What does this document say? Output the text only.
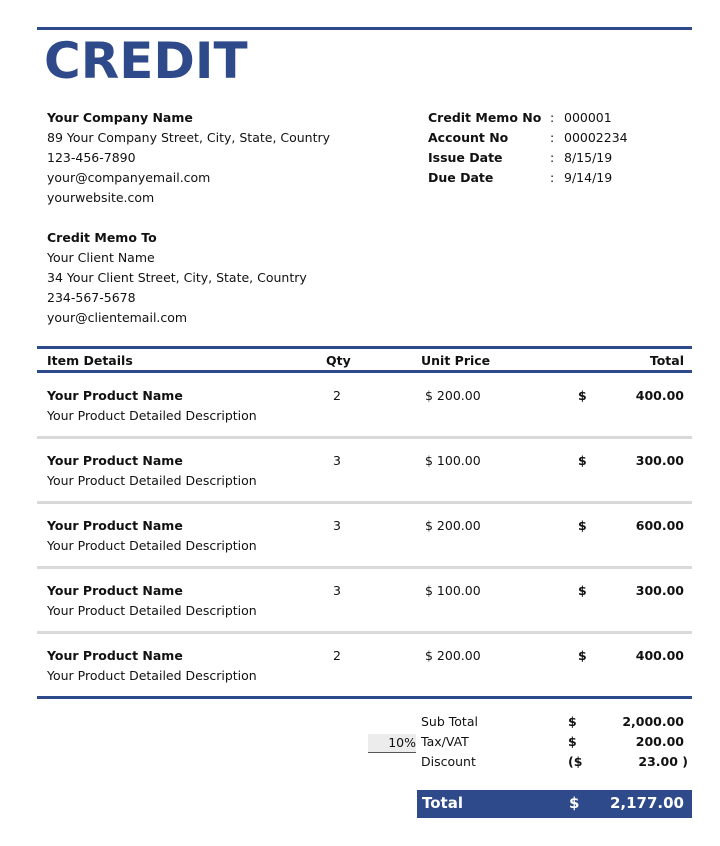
CREDIT
Your Company Name
89 Your Company Street, City, State, Country
123-456-7890
your@companyemail.com
yourwebsite.com
Credit Memo No : 000001
Account No	: 00002234
Issue Date	: 8/15/19
Due Date	: 9/14/19
Credit Memo To
Your Client Name
34 Your Client Street, City, State, Country
234-567-5678
your@clientemail.com
Item Details	Qty	Unit Price	Total
Your Product Name
Your Product Detailed Description
2	$ 200.00	$	400.00
Your Product Name
Your Product Detailed Description
3	$ 100.00	$	300.00
Your Product Name
Your Product Detailed Description
3	$ 200.00	$	600.00
Your Product Name
Your Product Detailed Description
3	$ 100.00	$	300.00
Your Product Name
Your Product Detailed Description
2	$ 200.00	$	400.00
Sub Total	$	2,000.00
10% Tax/VAT	$	200.00
Discount	($	23.00 )
Total	$ 2,177.00
